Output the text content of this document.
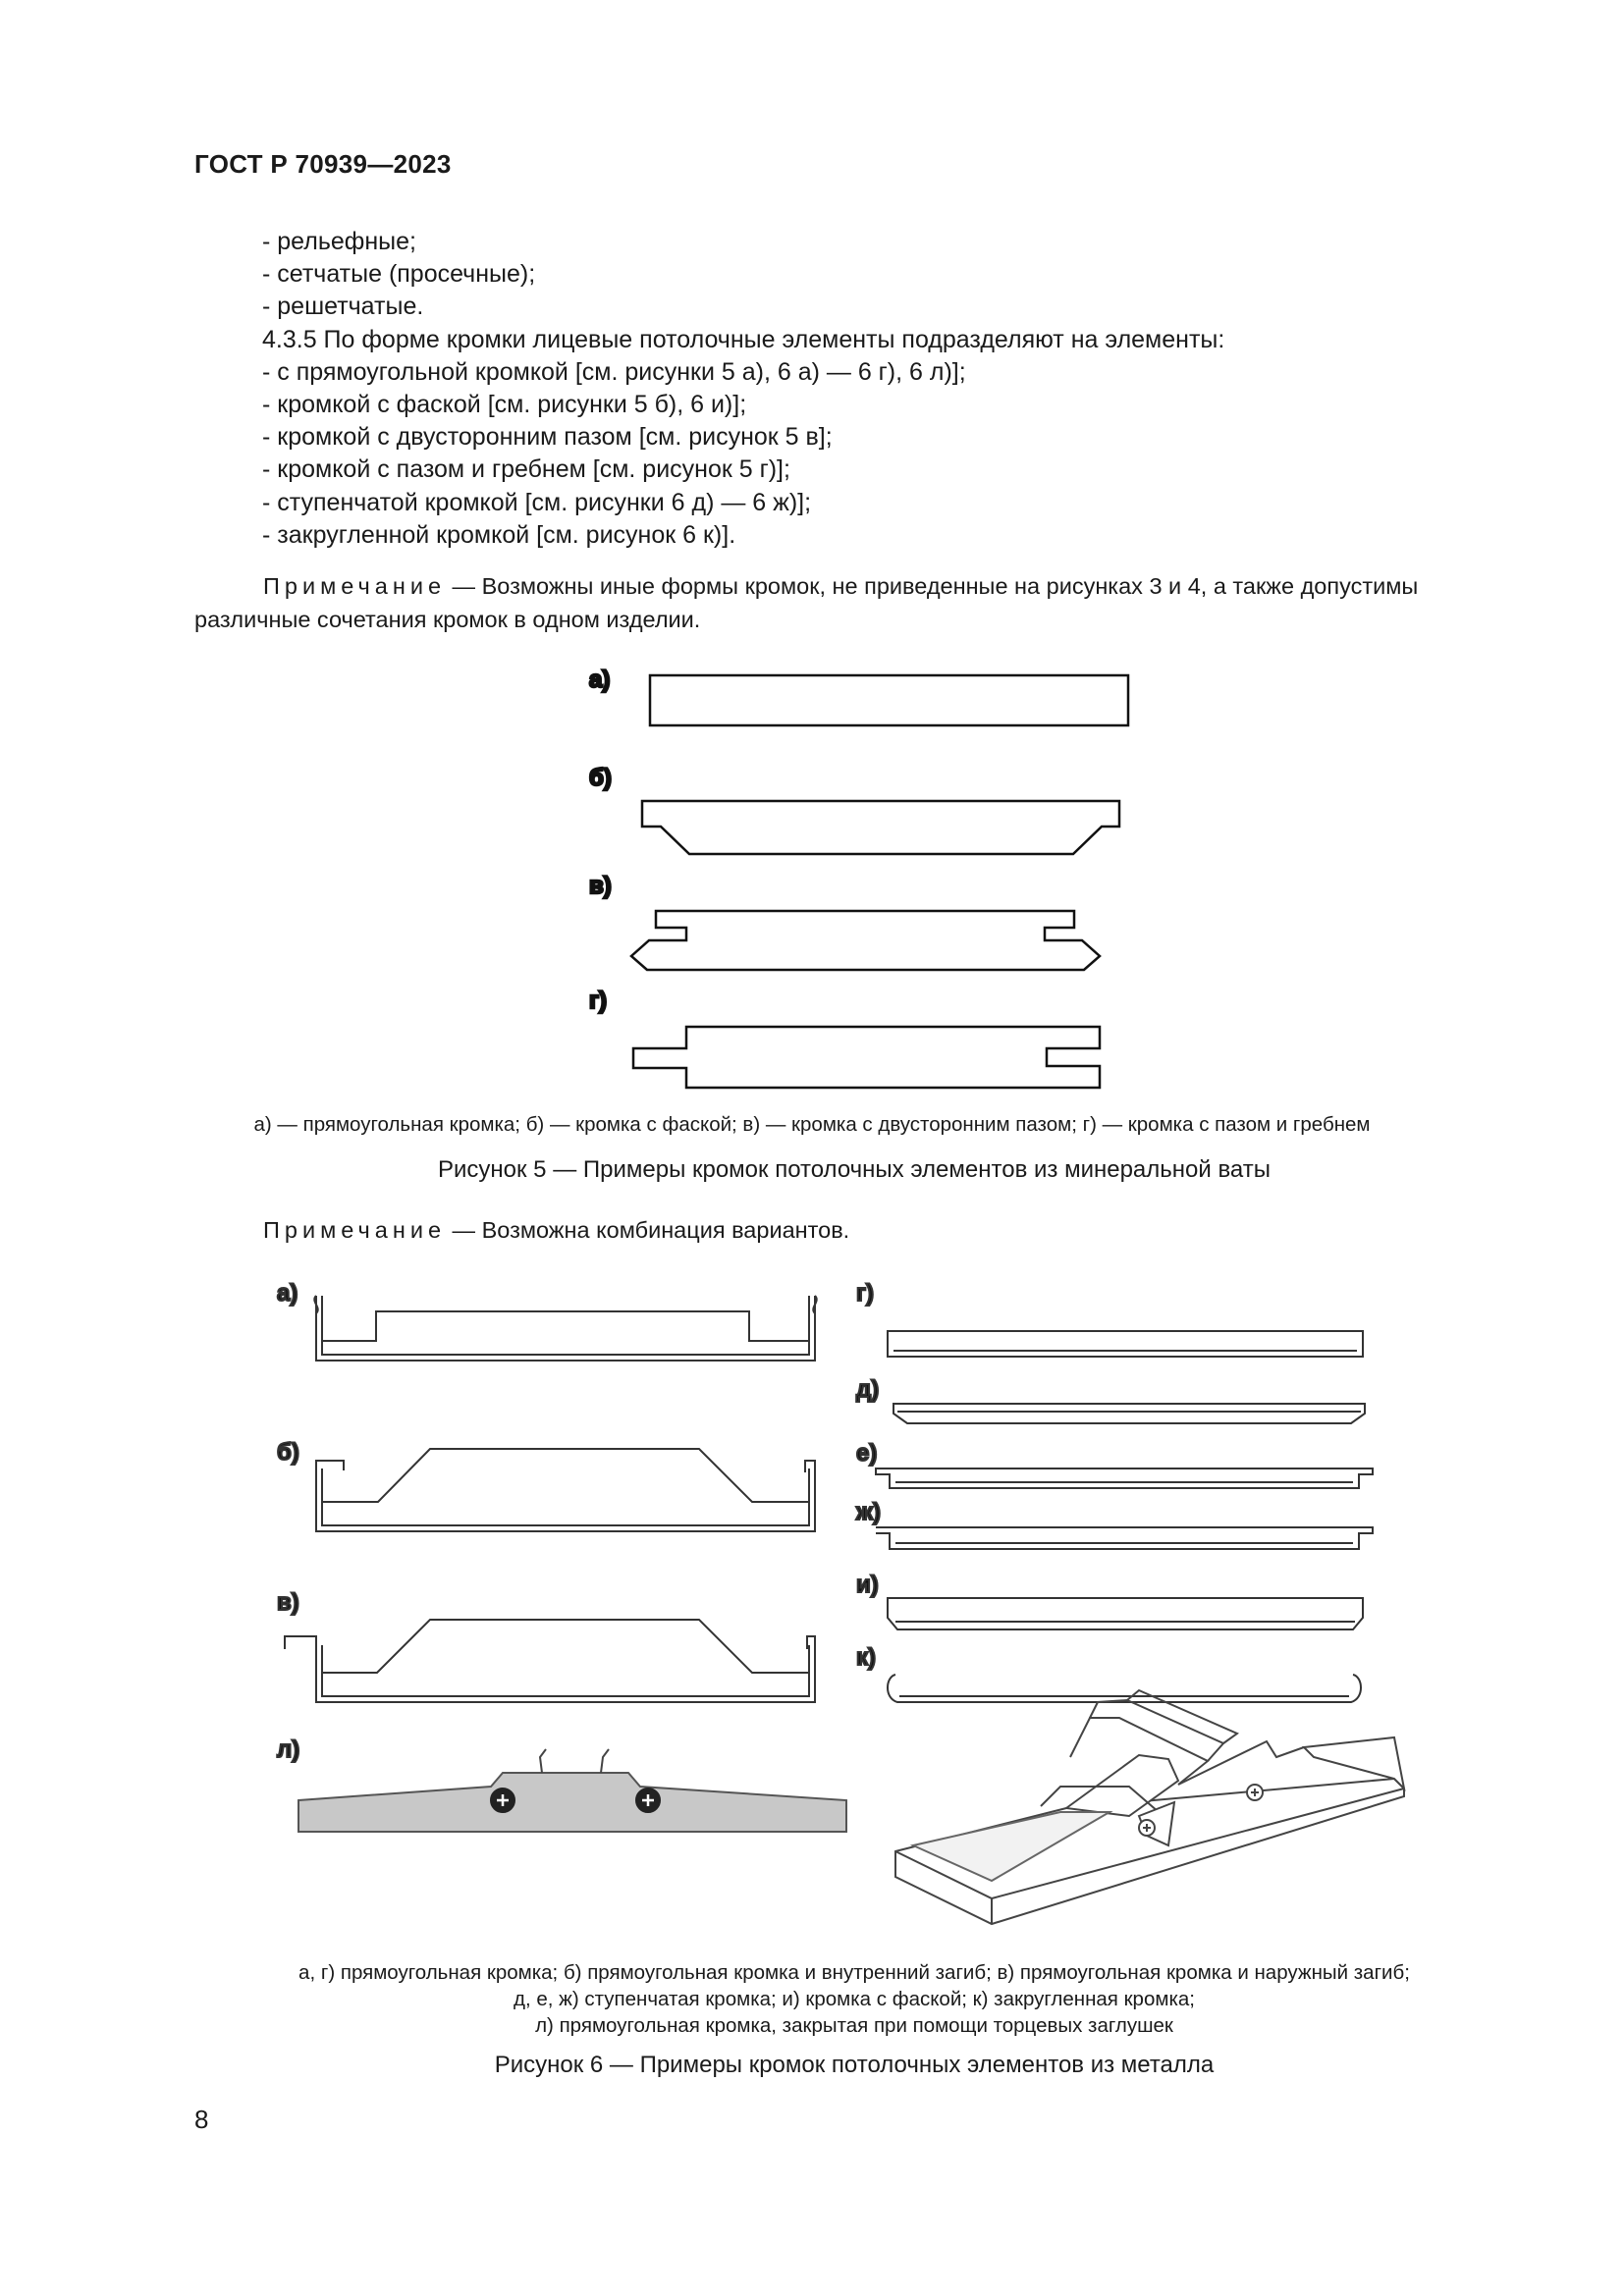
ГОСТ Р 70939—2023
- рельефные;
- сетчатые (просечные);
- решетчатые.
4.3.5 По форме кромки лицевые потолочные элементы подразделяют на элементы:
- с прямоугольной кромкой [см. рисунки 5 а), 6 а) — 6 г), 6 л)];
- кромкой с фаской [см. рисунки 5 б), 6 и)];
- кромкой с двусторонним пазом [см. рисунок 5 в];
- кромкой с пазом и гребнем [см. рисунок 5 г)];
- ступенчатой кромкой [см. рисунки 6 д) — 6 ж)];
- закругленной кромкой [см. рисунок 6 к)].
Примечание — Возможны иные формы кромок, не приведенные на рисунках 3 и 4, а также допустимы
различные сочетания кромок в одном изделии.
а)
б)
в)
г)
а) — прямоугольная кромка; б) — кромка с фаской; в) — кромка с двусторонним пазом; г) — кромка с пазом и гребнем
Рисунок 5 — Примеры кромок потолочных элементов из минеральной ваты
Примечание — Возможна комбинация вариантов.
а)
б)
в)
г)
д)
е)
ж)
и)
к)
л)
а, г) прямоугольная кромка; б) прямоугольная кромка и внутренний загиб; в) прямоугольная кромка и наружный загиб;
д, е, ж) ступенчатая кромка; и) кромка с фаской; к) закругленная кромка;
л) прямоугольная кромка, закрытая при помощи торцевых заглушек
Рисунок 6 — Примеры кромок потолочных элементов из металла
8
